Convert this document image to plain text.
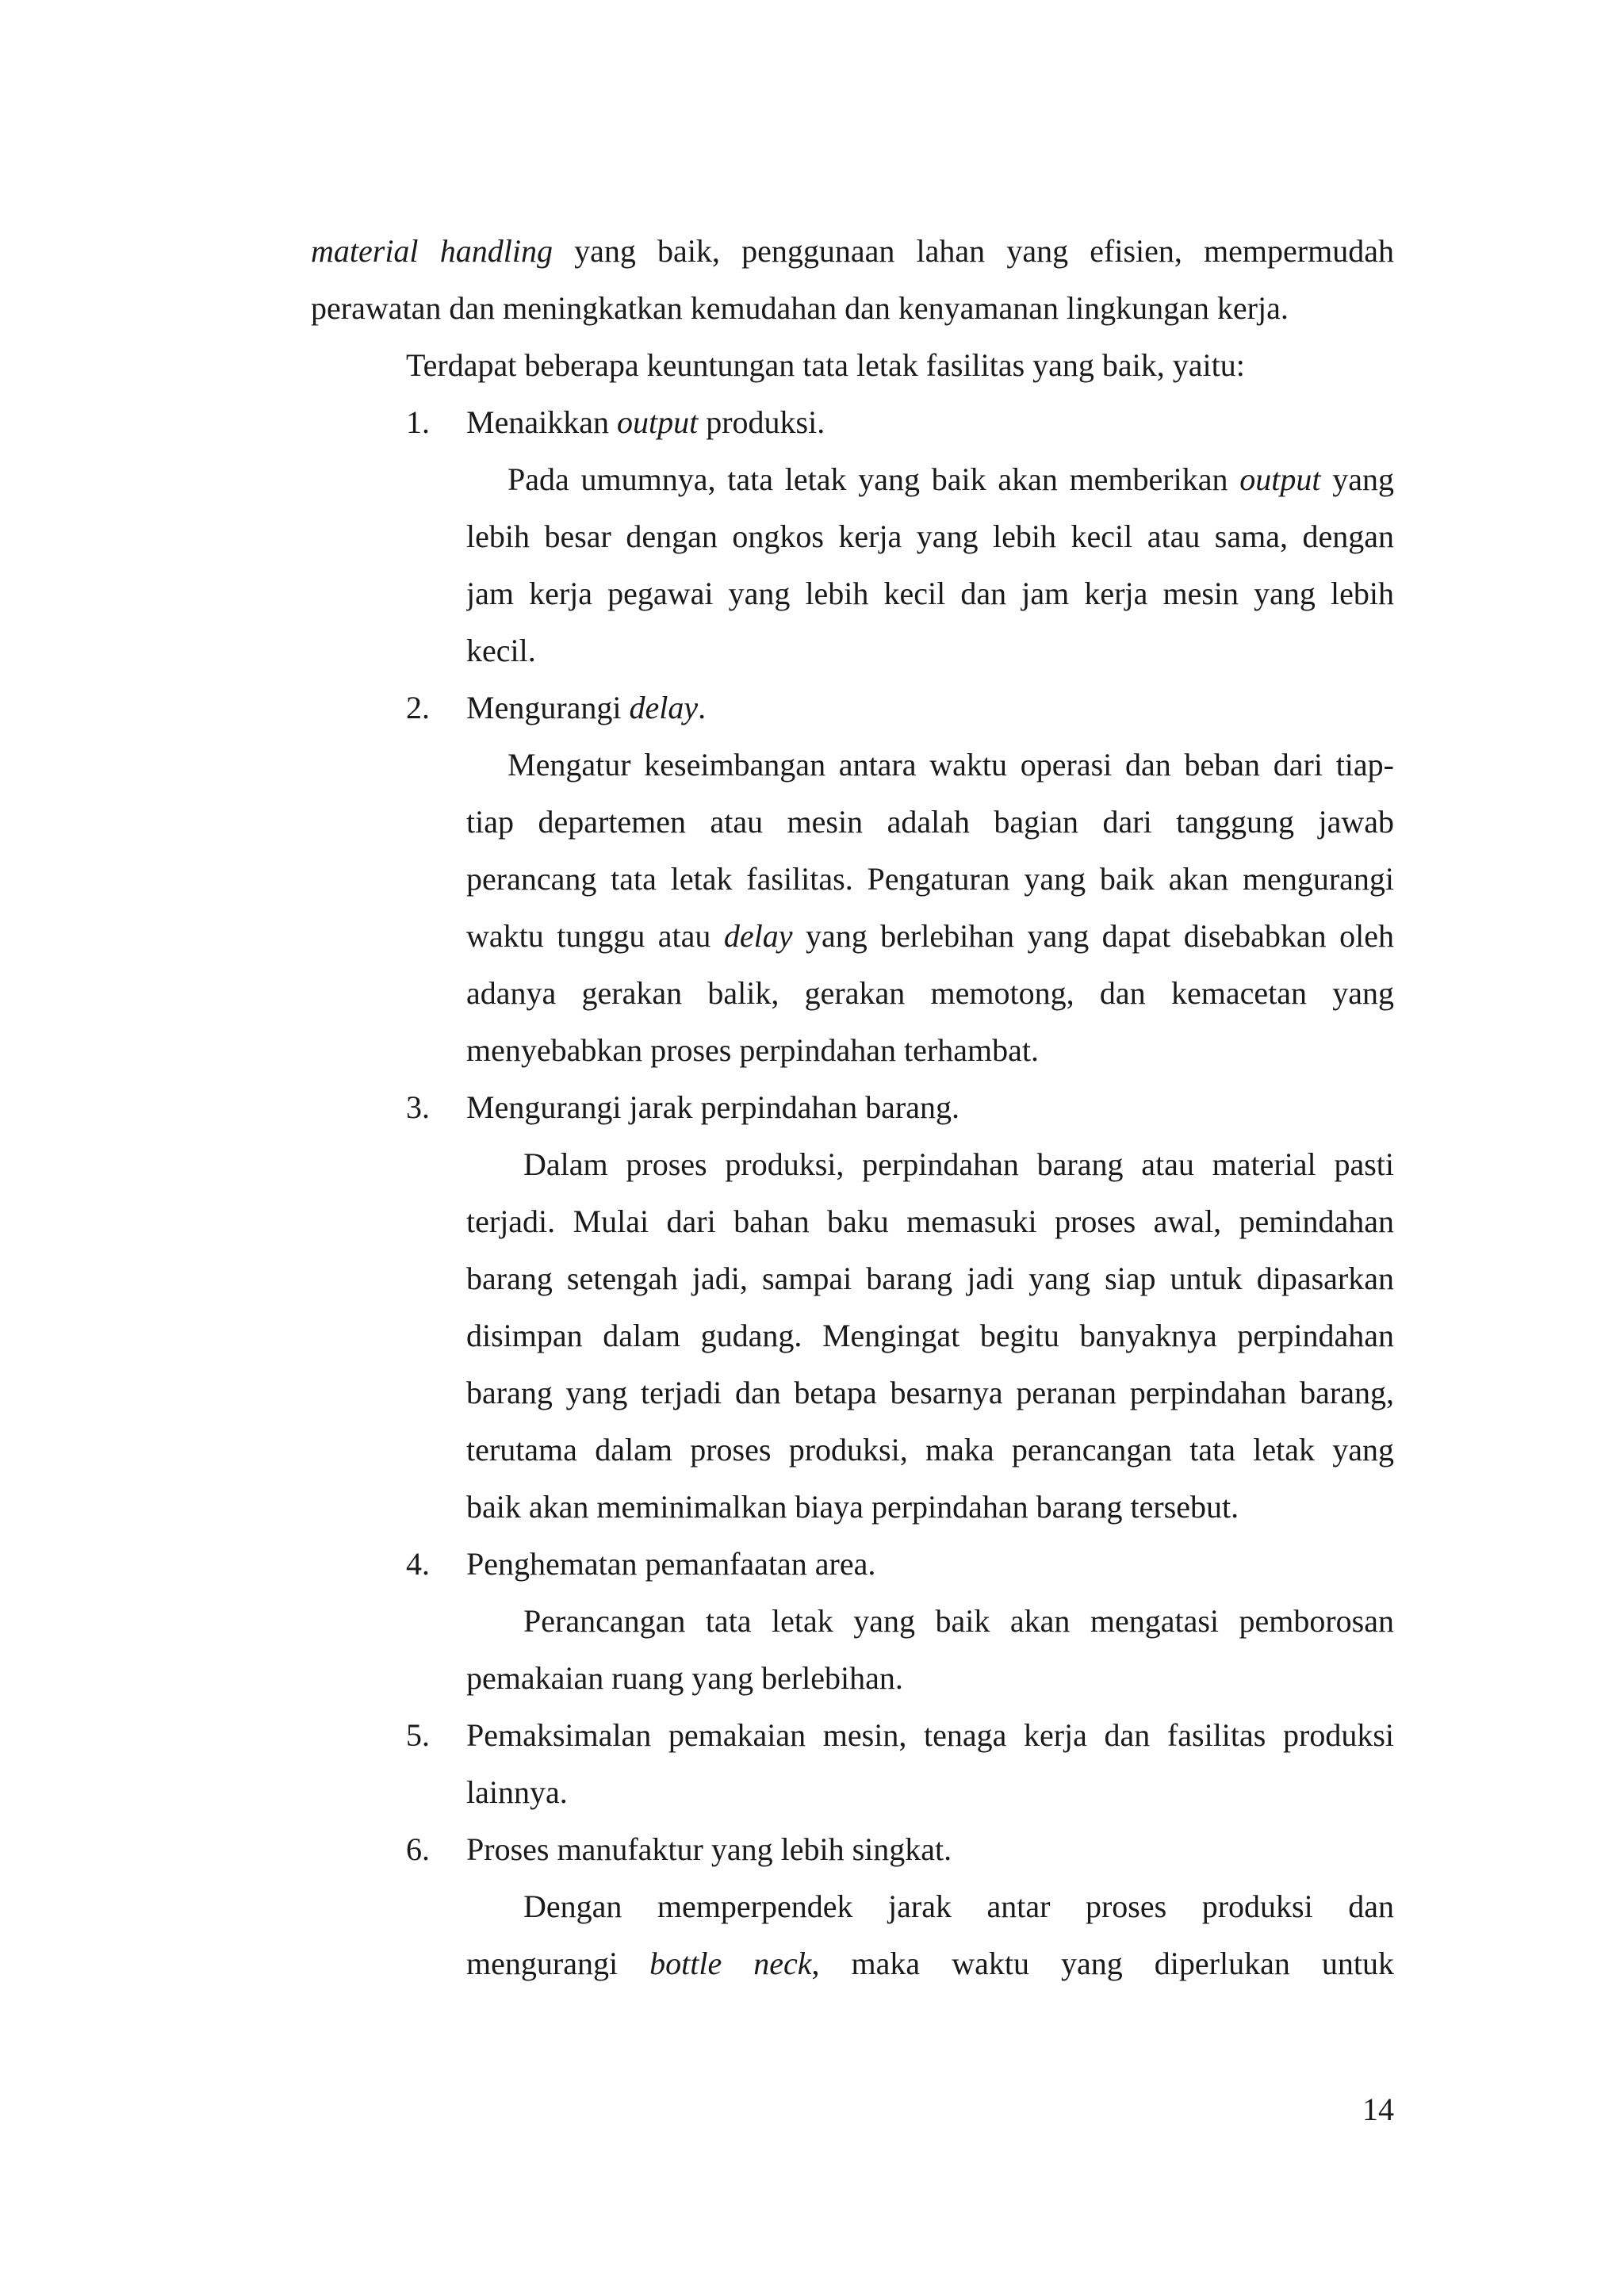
material handling yang baik, penggunaan lahan yang efisien, mempermudah
perawatan dan meningkatkan kemudahan dan kenyamanan lingkungan kerja.
Terdapat beberapa keuntungan tata letak fasilitas yang baik, yaitu:
1.	Menaikkan output produksi.
Pada umumnya, tata letak yang baik akan memberikan output yang
lebih besar dengan ongkos kerja yang lebih kecil atau sama, dengan
jam kerja pegawai yang lebih kecil dan jam kerja mesin yang lebih
kecil.
2.	Mengurangi delay.
Mengatur keseimbangan antara waktu operasi dan beban dari tiap-
tiap departemen atau mesin adalah bagian dari tanggung jawab
perancang tata letak fasilitas. Pengaturan yang baik akan mengurangi
waktu tunggu atau delay yang berlebihan yang dapat disebabkan oleh
adanya gerakan balik, gerakan memotong, dan kemacetan yang
menyebabkan proses perpindahan terhambat.
3.	Mengurangi jarak perpindahan barang.
Dalam proses produksi, perpindahan barang atau material pasti
terjadi. Mulai dari bahan baku memasuki proses awal, pemindahan
barang setengah jadi, sampai barang jadi yang siap untuk dipasarkan
disimpan dalam gudang. Mengingat begitu banyaknya perpindahan
barang yang terjadi dan betapa besarnya peranan perpindahan barang,
terutama dalam proses produksi, maka perancangan tata letak yang
baik akan meminimalkan biaya perpindahan barang tersebut.
4.	Penghematan pemanfaatan area.
Perancangan tata letak yang baik akan mengatasi pemborosan
pemakaian ruang yang berlebihan.
5.	Pemaksimalan pemakaian mesin, tenaga kerja dan fasilitas produksi
lainnya.
6.	Proses manufaktur yang lebih singkat.
Dengan memperpendek jarak antar proses produksi dan
mengurangi bottle neck, maka waktu yang diperlukan untuk
14
